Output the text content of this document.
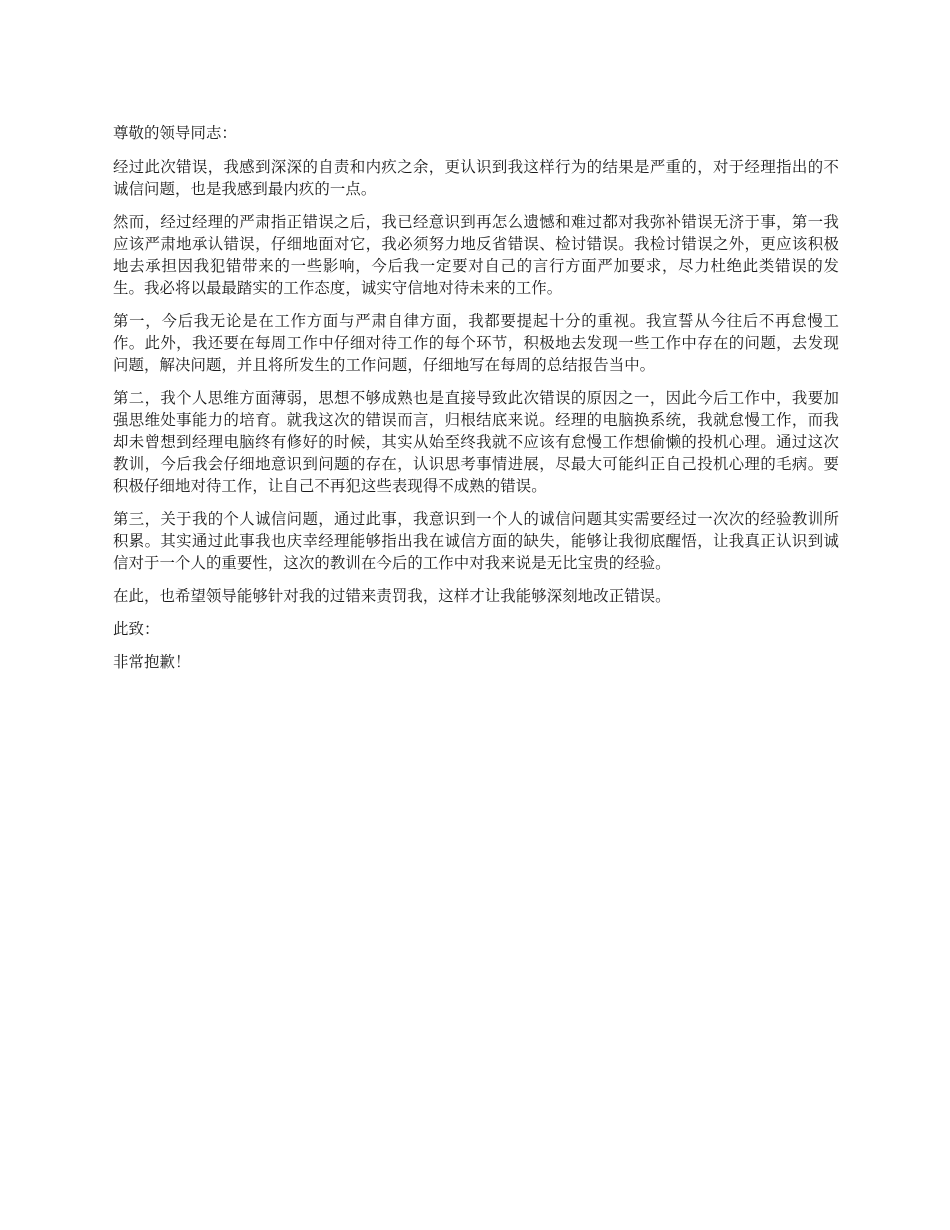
尊敬的领导同志：

经过此次错误，我感到深深的自责和内疚之余，更认识到我这样行为的结果是严重的，对于经理指出的不诚信问题，也是我感到最内疚的一点。

然而，经过经理的严肃指正错误之后，我已经意识到再怎么遗憾和难过都对我弥补错误无济于事，第一我应该严肃地承认错误，仔细地面对它，我必须努力地反省错误、检讨错误。我检讨错误之外，更应该积极地去承担因我犯错带来的一些影响，今后我一定要对自己的言行方面严加要求，尽力杜绝此类错误的发生。我必将以最最踏实的工作态度，诚实守信地对待未来的工作。

第一，今后我无论是在工作方面与严肃自律方面，我都要提起十分的重视。我宣誓从今往后不再怠慢工作。此外，我还要在每周工作中仔细对待工作的每个环节，积极地去发现一些工作中存在的问题，去发现问题，解决问题，并且将所发生的工作问题，仔细地写在每周的总结报告当中。

第二，我个人思维方面薄弱，思想不够成熟也是直接导致此次错误的原因之一，因此今后工作中，我要加强思维处事能力的培育。就我这次的错误而言，归根结底来说。经理的电脑换系统，我就怠慢工作，而我却未曾想到经理电脑终有修好的时候，其实从始至终我就不应该有怠慢工作想偷懒的投机心理。通过这次教训，今后我会仔细地意识到问题的存在，认识思考事情进展，尽最大可能纠正自己投机心理的毛病。要积极仔细地对待工作，让自己不再犯这些表现得不成熟的错误。

第三，关于我的个人诚信问题，通过此事，我意识到一个人的诚信问题其实需要经过一次次的经验教训所积累。其实通过此事我也庆幸经理能够指出我在诚信方面的缺失，能够让我彻底醒悟，让我真正认识到诚信对于一个人的重要性，这次的教训在今后的工作中对我来说是无比宝贵的经验。

在此，也希望领导能够针对我的过错来责罚我，这样才让我能够深刻地改正错误。

此致：

非常抱歉！
